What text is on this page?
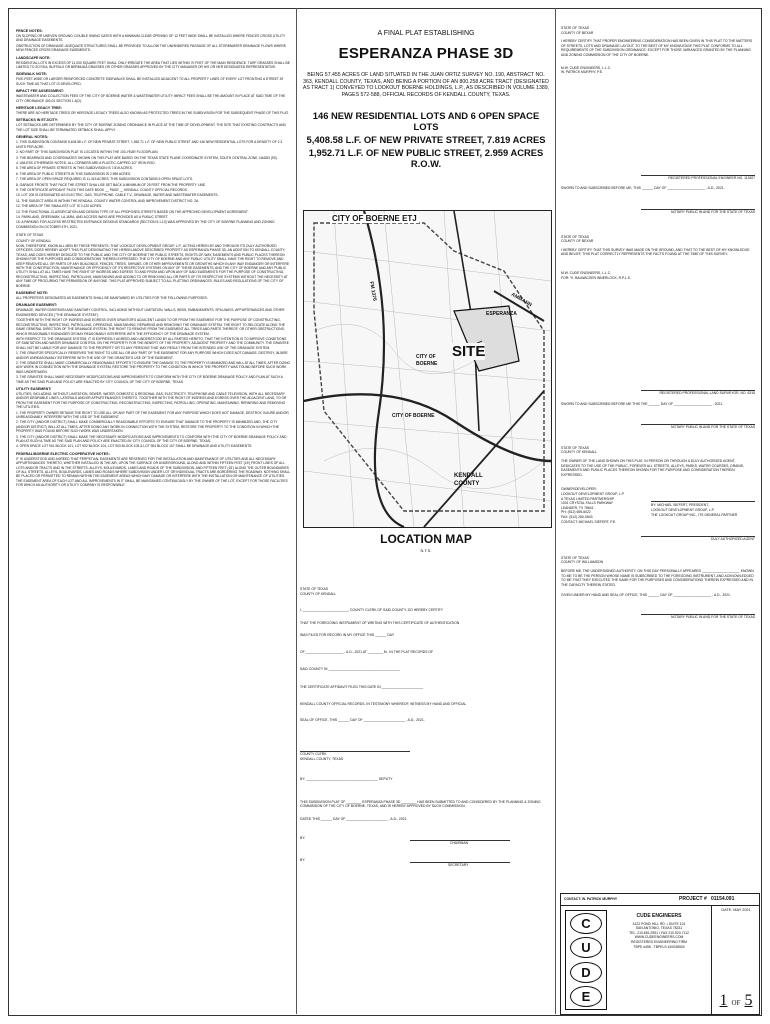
FENCE NOTES:
ON SLOPING OR UNEVEN GROUND, DOUBLE SWING GATES WITH A MINIMUM CLEAR OPENING OF 12 FEET WIDE SHALL BE INSTALLED WHERE FENCES CROSS UTILITY AND DRAINAGE EASEMENTS.
OBSTRUCTION OF DRAINAGE: ADEQUATE STRUCTURES SHALL BE PROVIDED TO ALLOW THE UNHINDERED PASSAGE OF ALL STORMWATER DRAINAGE FLOWS WHERE NEW FENCES CROSS DRAINAGE EASEMENTS.
LANDSCAPE NOTE:
RESIDENTIAL LOTS IN EXCESS OF 11,000 SQUARE FEET SHALL ONLY IRRIGATE THE AREA THAT LIES WITHIN 70 FEET OF THE MAIN RESIDENCE. TURF GRASSES SHALL BE LIMITED TO ZOYSIA, BUFFALO OR BERMUDA GRASSES OR OTHER GRASSES APPROVED BY THE CITY MANAGER OR HIS OR HER DESIGNATED REPRESENTATIVE.
SIDEWALK NOTE:
FIVE-FEET-WIDE OR LARGER REINFORCED CONCRETE SIDEWALKS SHALL BE INSTALLED ADJACENT TO ALL PROPERTY LINES OF EVERY LOT FRONTING A STREET AT SUCH TIME AS THAT LOT IS DEVELOPED.
IMPACT FEE ASSESSMENT:
WASTEWATER AND COLLECTION FEES OF THE CITY OF BOERNE WATER & WASTEWATER UTILITY IMPACT FEES SHALL BE THE AMOUNT IN PLACE AT SAID TIME OF THE CITY ORDINANCE 400-01 SECTION 1.4(D).
HERITAGE LEGACY TREE:
THERE ARE NO HERITAGE TREES OR HERITAGE LEGACY TREES ALSO KNOWN AS PROTECTED TREES IN THE SUBDIVISION FOR THE SUBSEQUENT PHASE OF THIS PLAT.
SETBACKS IN ETJ/CITY:
LOT SETBACKS ARE DETERMINED BY THE CITY OF BOERNE ZONING ORDINANCE IN PLACE AT THE TIME OF DEVELOPMENT. THE SITE THAT EXISTING CONTRACTS AND THE LOT SIZE SHALL BE TERMINATED SETBACK SHALL APPLY.
GENERAL NOTES:
1. THIS SUBDIVISION CONTAINS 5,408.58 L.F. OF NEW PRIVATE STREET, 1,952.71 L.F. OF NEW PUBLIC STREET AND 146 NEW RESIDENTIAL LOTS FOR A DENSITY OF 2.3 UNITS PER ACRE.
2. NO PART OF THIS SUBDIVISION PLAT IS LOCATED WITHIN THE 100-YEAR FLOODPLAIN.
3. THE BEARINGS AND COORDINATES SHOWN ON THIS PLAT ARE BASED ON THE TEXAS STATE PLANE COORDINATE SYSTEM, SOUTH CENTRAL ZONE, NAD83 (93).
4. UNLESS OTHERWISE NOTED, ALL CORNERS ARE A PLASTIC-CAPPED 1/2" IRON ROD.
5. THE AREA OF PRIVATE STREETS IN THIS SUBDIVISION IS 7.819 ACRES.
6. THE AREA OF PUBLIC STREETS IN THIS SUBDIVISION IS 2.959 ACRES.
7. THE AREA OF OPEN SPACE REQUIRED IS 11.415 ACRES. THIS SUBDIVISION CONTAINS 6 OPEN SPACE LOTS.
8. GARAGE FRONTS THAT FACE THE STREET SHALL BE SET BACK A MINIMUM OF 25 FEET FROM THE PROPERTY LINE.
9. THE CERTIFICATE AFFIDAVIT FILED THIS DATE BOOK __ PAGE __ KENDALL COUNTY OFFICIAL RECORDS.
10. LOT 200 IS DESIGNATED AS ELECTRIC, GAS, TELEPHONE, CABLE T.V., DRAINAGE, WATER AND WASTEWATER EASEMENTS.
11. THE SUBJECT AREA IS WITHIN THE KENDALL COUNTY WATER CONTROL AND IMPROVEMENT DISTRICT NO. 2A.
12. THE AREA OF THE SMALLEST LOT IS 0.120 ACRES.
13. THE FUNCTIONAL CLASSIFICATION AND DESIGN TYPE OF ALL PROPOSED STREETS BASED ON THE APPROVED DEVELOPMENT AGREEMENT.
14. PARKLAND, GREENWAY, LA JARA, AND ACCESS WAYS ARE PROVIDED AS A PUBLIC STREET.
15. A PARKING FOR ACCESS RESTRICTED ENTRANCE DESIGNS STANDARDS (SECTION 5.1.10) WAS APPROVED BY THE CITY OF BOERNE PLANNING AND ZONING COMMISSION ON OCTOBER 4TH, 2021.
STATE OF TEXAS
COUNTY OF KENDALL
NOW, THEREFORE, KNOW ALL MEN BY THESE PRESENTS: THAT LOOKOUT DEVELOPMENT GROUP, L.P., ACTING HEREIN BY AND THROUGH ITS DULY AUTHORIZED OFFICERS, DOES HEREBY ADOPT THIS PLAT DESIGNATING THE HEREIN ABOVE DESCRIBED PROPERTY AS ESPERANZA PHASE 3D, AN ADDITION TO KENDALL COUNTY, TEXAS, AND DOES HEREBY DEDICATE TO THE PUBLIC AND THE CITY OF BOERNE THE PUBLIC STREETS, RIGHTS-OF-WAY, EASEMENTS AND PUBLIC PLACES THEREON SHOWN FOR THE PURPOSES AND CONSIDERATIONS THEREIN EXPRESSED. THE CITY OF BOERNE AND ANY PUBLIC UTILITY SHALL HAVE THE RIGHT TO REMOVE AND KEEP REMOVED ALL OR PARTS OF ANY BUILDINGS, FENCES, TREES, SHRUBS, OR OTHER IMPROVEMENTS OR GROWTHS WHICH IN ANY WAY ENDANGER OR INTERFERE WITH THE CONSTRUCTION, MAINTENANCE OR EFFICIENCY OF ITS RESPECTIVE SYSTEMS ON ANY OF THESE EASEMENTS, AND THE CITY OF BOERNE AND ANY PUBLIC UTILITY SHALL AT ALL TIMES HAVE THE RIGHT OF INGRESS AND EGRESS TO AND FROM AND UPON ANY OF SAID EASEMENTS FOR THE PURPOSE OF CONSTRUCTING, RECONSTRUCTING, INSPECTING, PATROLLING, MAINTAINING AND ADDING TO OR REMOVING ALL OR PARTS OF ITS RESPECTIVE SYSTEMS WITHOUT THE NECESSITY AT ANY TIME OF PROCURING THE PERMISSION OF ANYONE. THIS PLAT APPROVED SUBJECT TO ALL PLATTING ORDINANCES, RULES AND REGULATIONS OF THE CITY OF BOERNE.
EASEMENT NOTE:
ALL PROPERTIES DESIGNATED AS EASEMENTS SHALL BE MAINTAINED BY UTILITIES FOR THE FOLLOWING PURPOSES:
DRAINAGE EASEMENT:
DRAINAGE, WATER DIVERSION AND SANITARY CONTROL, INCLUDING WITHOUT LIMITATION, WALLS, BEDS, EMBANKMENTS, SPILLWAYS, APPURTENANCES AND OTHER ENGINEERED DEVICES ("THE DRAINAGE SYSTEM").
TOGETHER WITH THE RIGHT OF INGRESS AND EGRESS OVER GRANTOR'S ADJACENT LANDS TO OR FROM THE EASEMENT FOR THE PURPOSE OF CONSTRUCTING, RECONSTRUCTING, INSPECTING, PATROLLING, OPERATING, MAINTAINING, REPAIRING AND REMOVING THE DRAINAGE SYSTEM. THE RIGHT TO RELOCATE ALONG THE SAME GENERAL DIRECTION OF THE DRAINAGE SYSTEM, THE RIGHT TO REMOVE FROM THE EASEMENT ALL TREES AND PARTS THEREOF, OR OTHER OBSTRUCTIONS, WHICH REASONABLY ENDANGER OR MAY REASONABLY INTERFERE WITH THE EFFICIENCY OF THE DRAINAGE SYSTEM.
WITH RESPECT TO THE DRAINAGE SYSTEM, IT IS EXPRESSLY AGREED AND UNDERSTOOD BY ALL PARTIES HERETO, THAT THE INTENTION IS TO IMPROVE CONDITIONS OF SANITATION AND WATER DRAINAGE CONTROL ON THE PROPERTY FOR THE BENEFIT OF THE PROPERTY, ADJACENT PROPERTY AND THE COMMUNITY. THE GRANTEE SHALL NOT BE LIABLE FOR ANY DAMAGE TO THE PROPERTY OR TO ANY PERSONS THAT MAY RESULT FROM THE INTENDED USE OF THE DRAINAGE SYSTEM.
1. THE GRANTOR SPECIFICALLY RESERVES THE RIGHT TO USE ALL OR ANY PART OF THE EASEMENT FOR ANY PURPOSE WHICH DOES NOT DAMAGE, DESTROY, INJURE AND/OR UNREASONABLY INTERFERE WITH THE USE OF THE GRANTEE'S USE OF THE EASEMENT.
2. THE GRANTEE SHALL MAKE COMMERCIALLY REASONABLE EFFORTS TO ENSURE THE DAMAGE TO THE PROPERTY IS MINIMIZED AND WILL AT ALL TIMES, AFTER DOING ANY WORK IN CONNECTION WITH THE DRAINAGE SYSTEM, RESTORE THE PROPERTY TO THE CONDITION IN WHICH THE PROPERTY WAS FOUND BEFORE SUCH WORK WAS UNDERTAKEN.
3. THE GRANTEE SHALL MAKE NECESSARY MODIFICATIONS AND IMPROVEMENTS TO CONFORM WITH THE CITY OF BOERNE DRAINAGE POLICY AND PLAN AT SUCH A TIME AS THE SAID PLAN AND POLICY ARE ENACTED BY CITY COUNCIL OF THE CITY OF BOERNE, TEXAS.
UTILITY EASEMENT:
UTILITIES, INCLUDING, WITHOUT LIMITATION, SEWER, WATER, DOMESTIC & REGIONAL GAS, ELECTRICITY, TELEPHONE AND CABLE TELEVISION, WITH ALL NECESSARY AND/OR DESIRABLE LINES, LATERALS AND/OR APPURTENANCES THERETO. TOGETHER WITH THE RIGHT OF INGRESS AND EGRESS OVER THE ADJACENT LAND, TO OR FROM THE EASEMENT FOR THE PURPOSE OF CONSTRUCTING, RECONSTRUCTING, INSPECTING, PATROLLING, OPERATING, MAINTAINING, REPAIRING AND REMOVING THE UTILITIES.
1. THE PROPERTY OWNER RETAINS THE RIGHT TO USE ALL OR ANY PART OF THE EASEMENT FOR ANY PURPOSE WHICH DOES NOT DAMAGE, DESTROY, INJURE AND/OR UNREASONABLY INTERFERE WITH THE USE OF THE EASEMENT.
2. THE CITY (AND/OR DISTRICT) SHALL MAKE COMMERCIALLY REASONABLE EFFORTS TO ENSURE THAT DAMAGE TO THE PROPERTY IS MINIMIZED AND, THE CITY (AND/OR DISTRICT) WILL AT ALL TIMES, AFTER DOING ANY WORK IN CONNECTION WITH THE SYSTEM, RESTORE THE PROPERTY TO THE CONDITION IN WHICH THE PROPERTY WAS FOUND BEFORE SUCH WORK WAS UNDERTAKEN.
3. THE CITY (AND/OR DISTRICT) SHALL MAKE THE NECESSARY MODIFICATIONS AND IMPROVEMENTS TO CONFORM WITH THE CITY OF BOERNE DRAINAGE POLICY AND PLAN AT SUCH A TIME AS THE SAID PLAN AND POLICY ARE ENACTED BY CITY COUNCIL OF THE CITY OF BOERNE, TEXAS.
4. OPEN SPACE LOT 901 BLOCK 101, LOT 902 BLOCK 104, LOT 903 BLOCK 105 & LOT 904 BLOCK 107 SHALL BE DRAINAGE AND UTILITY EASEMENTS.
FEDERAL/BOERNE ELECTRIC COOPERATIVE NOTES:
IT IS UNDERSTOOD AND AGREED THAT PERPETUAL EASEMENTS ARE RESERVED FOR THE INSTALLATION AND MAINTENANCE OF UTILITIES AND ALL NECESSARY APPURTENANCES THERETO, WHETHER INSTALLED IN THE AIR, UPON THE SURFACE OR UNDERGROUND, ALONG AND WITHIN FIFTEEN FEET (15') FRONT LINES OF ALL LOTS AND/OR TRACTS AND IN THE STREETS, ALLEYS, BOULEVARDS, LANES AND ROADS OF THE SUBDIVISION, AND FIFTEEN FEET (15') ALONG THE OUTER BOUNDARIES OF ALL STREETS, ALLEYS, BOULEVARDS, LANES AND ROADS WHERE SUBDIVISION UNDER LOT OR INDIVIDUAL TRACTS ARE BORDERING THE ROADWAY. NOTHING SHALL BE PLACED OR PERMITTED TO REMAIN WITHIN THE EASEMENT AREAS WHICH MAY DAMAGE OR INTERFERE WITH THE INSTALLATION OR MAINTENANCE OF UTILITIES. THE EASEMENT AREA OF EACH LOT AND ALL IMPROVEMENTS IN IT SHALL BE MAINTAINED CONTINUOUSLY BY THE OWNER OF THE LOT, EXCEPT FOR THOSE FACILITIES FOR WHICH AN AUTHORITY OR UTILITY COMPANY IS RESPONSIBLE.
A FINAL PLAT ESTABLISHING
ESPERANZA PHASE 3D
BEING 57.455 ACRES OF LAND SITUATED IN THE JUAN ORTIZ SURVEY NO. 190, ABSTRACT NO. 363, KENDALL COUNTY, TEXAS, AND BEING A PORTION OF AN 800.258 ACRE TRACT (DESIGNATED AS TRACT 1) CONVEYED TO LOOKOUT BOERNE HOLDINGS, L.P., AS DESCRIBED IN VOLUME 1389, PAGES 572-588, OFFICIAL RECORDS OF KENDALL COUNTY, TEXAS.
146 NEW RESIDENTIAL LOTS AND 6 OPEN SPACE LOTS
5,408.58 L.F. OF NEW PRIVATE STREET, 7.819 ACRES
1,952.71 L.F. OF NEW PUBLIC STREET, 2.959 ACRES R.O.W.
CITY OF BOERNE ETJ
SITE
FM 1376
ESPERANZA
AMMANN
CITY OF BOERNE
BOERNE
CITY OF
COUNTY
KENDALL
LOCATION MAP
N.T.S.
STATE OF TEXAS
COUNTY OF KENDALL
I, ________________________, COUNTY CLERK OF SAID COUNTY, DO HEREBY CERTIFY
THAT THE FOREGOING INSTRUMENT OF WRITING WITH THIS CERTIFICATE OF AUTHENTICATION
WAS FILED FOR RECORD IN MY OFFICE THIS ______ DAY
OF ____________________ , A.D., 2021 AT ________ M., IN THE PLAT RECORDS OF
SAID COUNTY IN ______________________________________
THE CERTIFICATE AFFIDAVIT FILED THIS DATE IN ______________________
KENDALL COUNTY OFFICIAL RECORDS. IN TESTIMONY WHEREOF, WITNESS MY HAND AND OFFICIAL
SEAL OF OFFICE, THIS ______ DAY OF ______________________ , A.D., 2021.
COUNTY CLERK
KENDALL COUNTY, TEXAS
BY: ______________________________________ DEPUTY
THIS SUBDIVISION PLAT OF ________ ESPERANZA PHASE 3D ________ HAS BEEN SUBMITTED TO AND CONSIDERED BY THE PLANNING & ZONING COMMISSION OF THE CITY OF BOERNE, TEXAS, AND IS HEREBY APPROVED BY SUCH COMMISSION.
DATED THIS ______ DAY OF ______________________ , A.D., 2021.
BY:
CHAIRMAN
BY:
SECRETARY
STATE OF TEXAS
COUNTY OF BEXAR
I HEREBY CERTIFY THAT PROPER ENGINEERING CONSIDERATION HAS BEEN GIVEN IN THIS PLAT TO THE MATTERS OF STREETS, LOTS AND DRAINAGE LAYOUT. TO THE BEST OF MY KNOWLEDGE THIS PLAT CONFORMS TO ALL REQUIREMENTS OF THE SUBDIVISION ORDINANCE, EXCEPT FOR THOSE VARIANCES GRANTED BY THE PLANNING AND ZONING COMMISSION OF THE CITY OF BOERNE.
M.W. CUDE ENGINEERS, L.L.C.
W. PATRICK MURPHY, P.E.
REGISTERED PROFESSIONAL ENGINEER NO. 111507
SWORN TO AND SUBSCRIBED BEFORE ME, THIS ______ DAY OF ____________________ , A.D., 2021.
NOTARY PUBLIC IN AND FOR THE STATE OF TEXAS
STATE OF TEXAS
COUNTY OF BEXAR
I HEREBY CERTIFY THAT THIS SURVEY WAS MADE ON THE GROUND, AND THAT TO THE BEST OF MY KNOWLEDGE AND BELIEF, THIS PLAT CORRECTLY REPRESENTS THE FACTS FOUND AT THE TIME OF THIS SURVEY.
M.W. CUDE ENGINEERS, L.L.C.
FOR: YI. BALWACSEN INNERLOCK, R.P.L.S.
REGISTERED PROFESSIONAL LAND SURVEYOR, NO. 6315
SWORN TO AND SUBSCRIBED BEFORE ME THIS THE ______ DAY OF ____________________ , 2021.
NOTARY PUBLIC IN AND FOR THE STATE OF TEXAS
STATE OF TEXAS
COUNTY OF KENDALL
THE OWNER OF THE LAND SHOWN ON THIS PLAT, IN PERSON OR THROUGH A DULY AUTHORIZED AGENT, DEDICATES TO THE USE OF THE PUBLIC, FOREVER ALL STREETS, ALLEYS, PARKS, WATER COURSES, DRAINS, EASEMENTS AND PUBLIC PLACES THEREON SHOWN FOR THE PURPOSE AND CONSIDERATION THEREIN EXPRESSED.
OWNER/DEVELOPER:
LOOKOUT DEVELOPMENT GROUP, L.P.
A TEXAS LIMITED PARTNERSHIP
1001 CRYSTAL FALLS PARKWAY
LEANDER, TX 78641
PH: (512) 659-6022
FAX: (512) 260-0643
CONTACT: MICHAEL SIEFERT, P.E.
BY: MICHAEL SIEFERT, PRESIDENT,
LOOKOUT DEVELOPMENT GROUP, L.P.
THE LOOKOUT GROUP INC., ITS GENERAL PARTNER
DULY AUTHORIZED AGENT
STATE OF TEXAS
COUNTY OF WILLIAMSON
BEFORE ME, THE UNDERSIGNED AUTHORITY, ON THIS DAY PERSONALLY APPEARED ____________________ KNOWN TO ME TO BE THE PERSON WHOSE NAME IS SUBSCRIBED TO THE FOREGOING INSTRUMENT, AND ACKNOWLEDGED TO ME THAT THEY EXECUTED THE SAME FOR THE PURPOSES AND CONSIDERATIONS THEREIN EXPRESSED AND IN THE CAPACITY THEREIN STATED.
GIVEN UNDER MY HAND AND SEAL OF OFFICE, THIS ______ DAY OF ____________________ , A.D., 2021.
NOTARY PUBLIC IN AND FOR THE STATE OF TEXAS
CONTACT: W. PATRICK MURPHY	PROJECT # 01154.091
C
U
D
E
CUDE ENGINEERS
4122 POND HILL RD. • SUITE 101
SAN ANTONIO, TEXAS 78231
TEL. 210.681.2951 • FAX 210.523.7112
WWW.CUDEENGINEERS.COM
REGISTERED ENGINEERING FIRM
TBPE #455 - TBPELS #10048500
DATE: MAY 2021
1 OF 5
